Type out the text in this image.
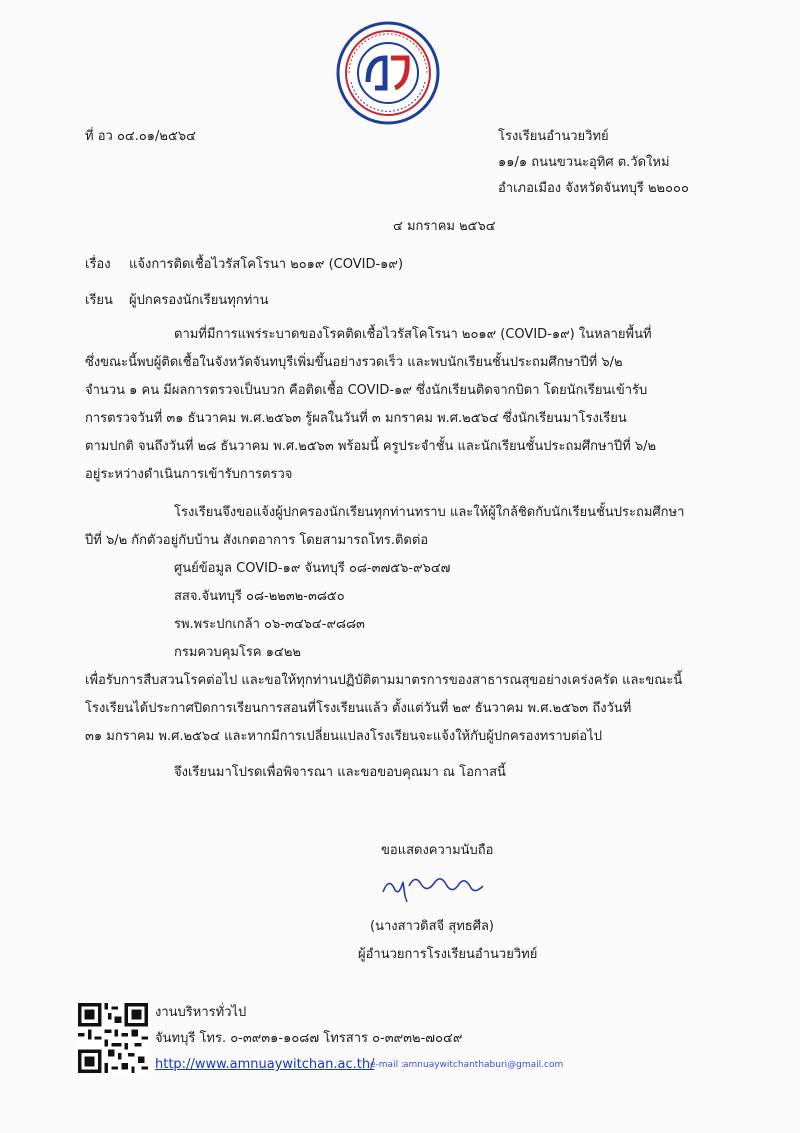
ที่ อว ๐๔.๐๑/๒๕๖๔	โรงเรียนอำนวยวิทย์
๑๑/๑ ถนนขวนะอุทิศ ต.วัดใหม่
อำเภอเมือง จังหวัดจันทบุรี ๒๒๐๐๐
๔ มกราคม ๒๕๖๔
เรื่อง แจ้งการติดเชื้อไวรัสโคโรนา ๒๐๑๙ (COVID-๑๙)
เรียน ผู้ปกครองนักเรียนทุกท่าน
ตามที่มีการแพร่ระบาดของโรคติดเชื้อไวรัสโคโรนา ๒๐๑๙ (COVID-๑๙) ในหลายพื้นที่
ซึ่งขณะนี้พบผู้ติดเชื้อในจังหวัดจันทบุรีเพิ่มขึ้นอย่างรวดเร็ว และพบนักเรียนชั้นประถมศึกษาปีที่ ๖/๒
จำนวน ๑ คน มีผลการตรวจเป็นบวก คือติดเชื้อ COVID-๑๙ ซึ่งนักเรียนติดจากบิดา โดยนักเรียนเข้ารับ
การตรวจวันที่ ๓๑ ธันวาคม พ.ศ.๒๕๖๓ รู้ผลในวันที่ ๓ มกราคม พ.ศ.๒๕๖๔ ซึ่งนักเรียนมาโรงเรียน
ตามปกติ จนถึงวันที่ ๒๘ ธันวาคม พ.ศ.๒๕๖๓ พร้อมนี้ ครูประจำชั้น และนักเรียนชั้นประถมศึกษาปีที่ ๖/๒
อยู่ระหว่างดำเนินการเข้ารับการตรวจ
โรงเรียนจึงขอแจ้งผู้ปกครองนักเรียนทุกท่านทราบ และให้ผู้ใกล้ชิดกับนักเรียนชั้นประถมศึกษา
ปีที่ ๖/๒ กักตัวอยู่กับบ้าน สังเกตอาการ โดยสามารถโทร.ติดต่อ
ศูนย์ข้อมูล COVID-๑๙ จันทบุรี ๐๘-๓๗๕๖-๙๖๔๗
สสจ.จันทบุรี ๐๘-๒๒๓๒-๓๘๕๐
รพ.พระปกเกล้า ๐๖-๓๔๖๔-๙๘๘๓
กรมควบคุมโรค ๑๔๒๒
เพื่อรับการสืบสวนโรคต่อไป และขอให้ทุกท่านปฏิบัติตามมาตรการของสาธารณสุขอย่างเคร่งครัด และขณะนี้
โรงเรียนได้ประกาศปิดการเรียนการสอนที่โรงเรียนแล้ว ตั้งแต่วันที่ ๒๙ ธันวาคม พ.ศ.๒๕๖๓ ถึงวันที่
๓๑ มกราคม พ.ศ.๒๕๖๔ และหากมีการเปลี่ยนแปลงโรงเรียนจะแจ้งให้กับผู้ปกครองทราบต่อไป
จึงเรียนมาโปรดเพื่อพิจารณา และขอขอบคุณมา ณ โอกาสนี้
ขอแสดงความนับถือ
(นางสาวดิสจี สุทธศีล)
ผู้อำนวยการโรงเรียนอำนวยวิทย์
งานบริหารทั่วไป
จันทบุรี โทร. ๐-๓๙๓๑-๑๐๘๗ โทรสาร ๐-๓๙๓๒-๗๐๔๙
http://www.amnuaywitchan.ac.th/
e-mail : amnuaywitchanthaburi@gmail.com
